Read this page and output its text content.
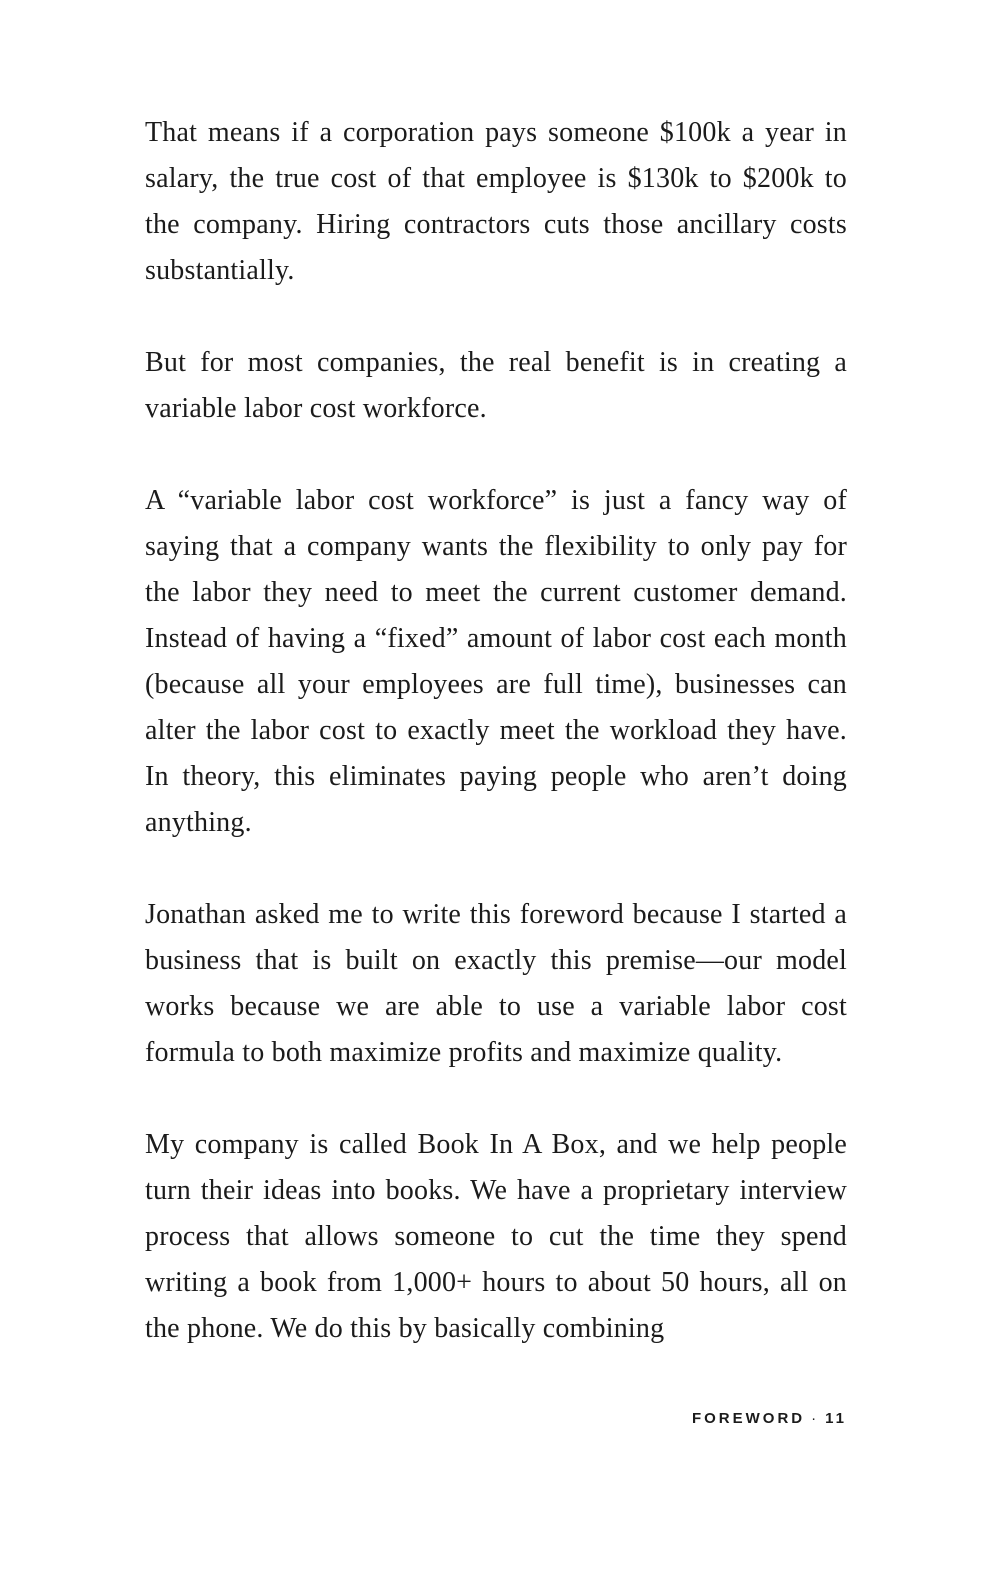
That means if a corporation pays someone $100k a year in salary, the true cost of that employee is $130k to $200k to the company. Hiring contractors cuts those ancillary costs substantially.

But for most companies, the real benefit is in creating a variable labor cost workforce.

A “variable labor cost workforce” is just a fancy way of saying that a company wants the flexibility to only pay for the labor they need to meet the current customer demand. Instead of having a “fixed” amount of labor cost each month (because all your employees are full time), businesses can alter the labor cost to exactly meet the workload they have. In theory, this eliminates paying people who aren’t doing anything.

Jonathan asked me to write this foreword because I started a business that is built on exactly this premise—our model works because we are able to use a variable labor cost formula to both maximize profits and maximize quality.

My company is called Book In A Box, and we help people turn their ideas into books. We have a proprietary interview process that allows someone to cut the time they spend writing a book from 1,000+ hours to about 50 hours, all on the phone. We do this by basically combining

FOREWORD · 11
